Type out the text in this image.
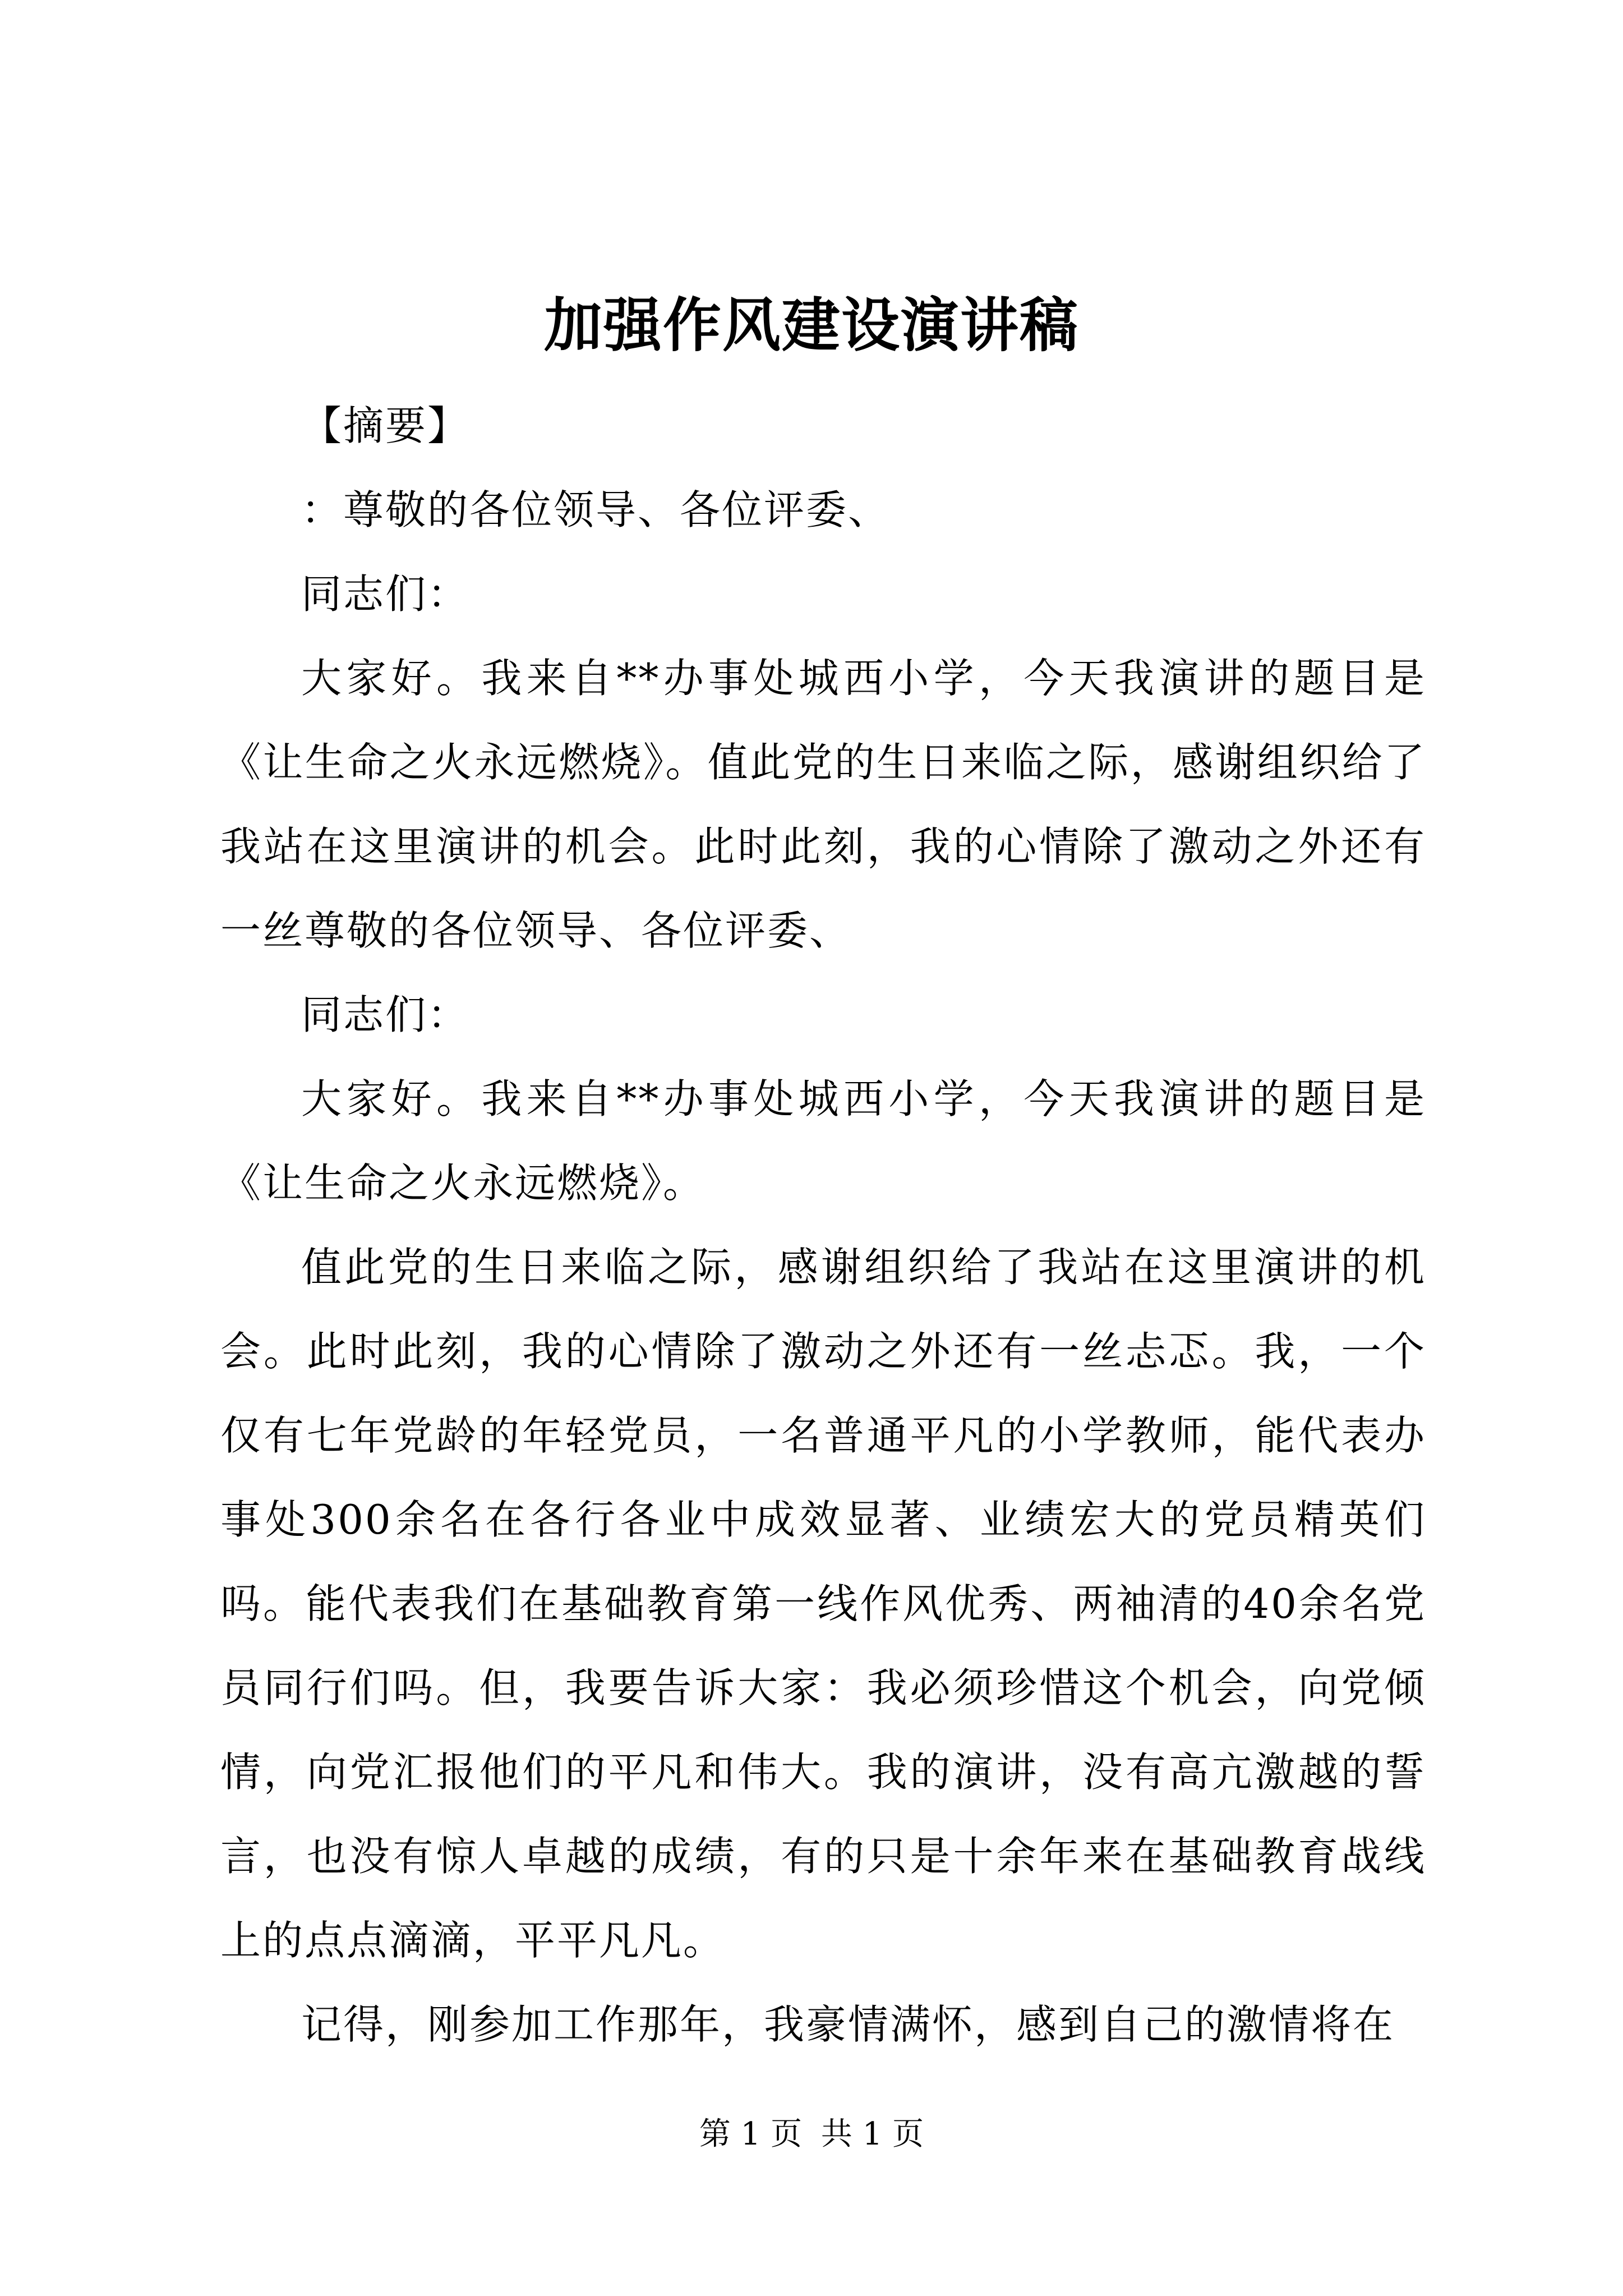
加强作风建设演讲稿

【摘要】

：尊敬的各位领导、各位评委、

同志们：

大家好。我来自**办事处城西小学，今天我演讲的题目是《让生命之火永远燃烧》。值此党的生日来临之际，感谢组织给了我站在这里演讲的机会。此时此刻，我的心情除了激动之外还有一丝尊敬的各位领导、各位评委、

同志们：

大家好。我来自**办事处城西小学，今天我演讲的题目是《让生命之火永远燃烧》。

值此党的生日来临之际，感谢组织给了我站在这里演讲的机会。此时此刻，我的心情除了激动之外还有一丝忐忑。我，一个仅有七年党龄的年轻党员，一名普通平凡的小学教师，能代表办事处300余名在各行各业中成效显著、业绩宏大的党员精英们吗。能代表我们在基础教育第一线作风优秀、两袖清的40余名党员同行们吗。但，我要告诉大家：我必须珍惜这个机会，向党倾情，向党汇报他们的平凡和伟大。我的演讲，没有高亢激越的誓言，也没有惊人卓越的成绩，有的只是十余年来在基础教育战线上的点点滴滴，平平凡凡。

记得，刚参加工作那年，我豪情满怀，感到自己的激情将在

第 1 页 共 1 页
